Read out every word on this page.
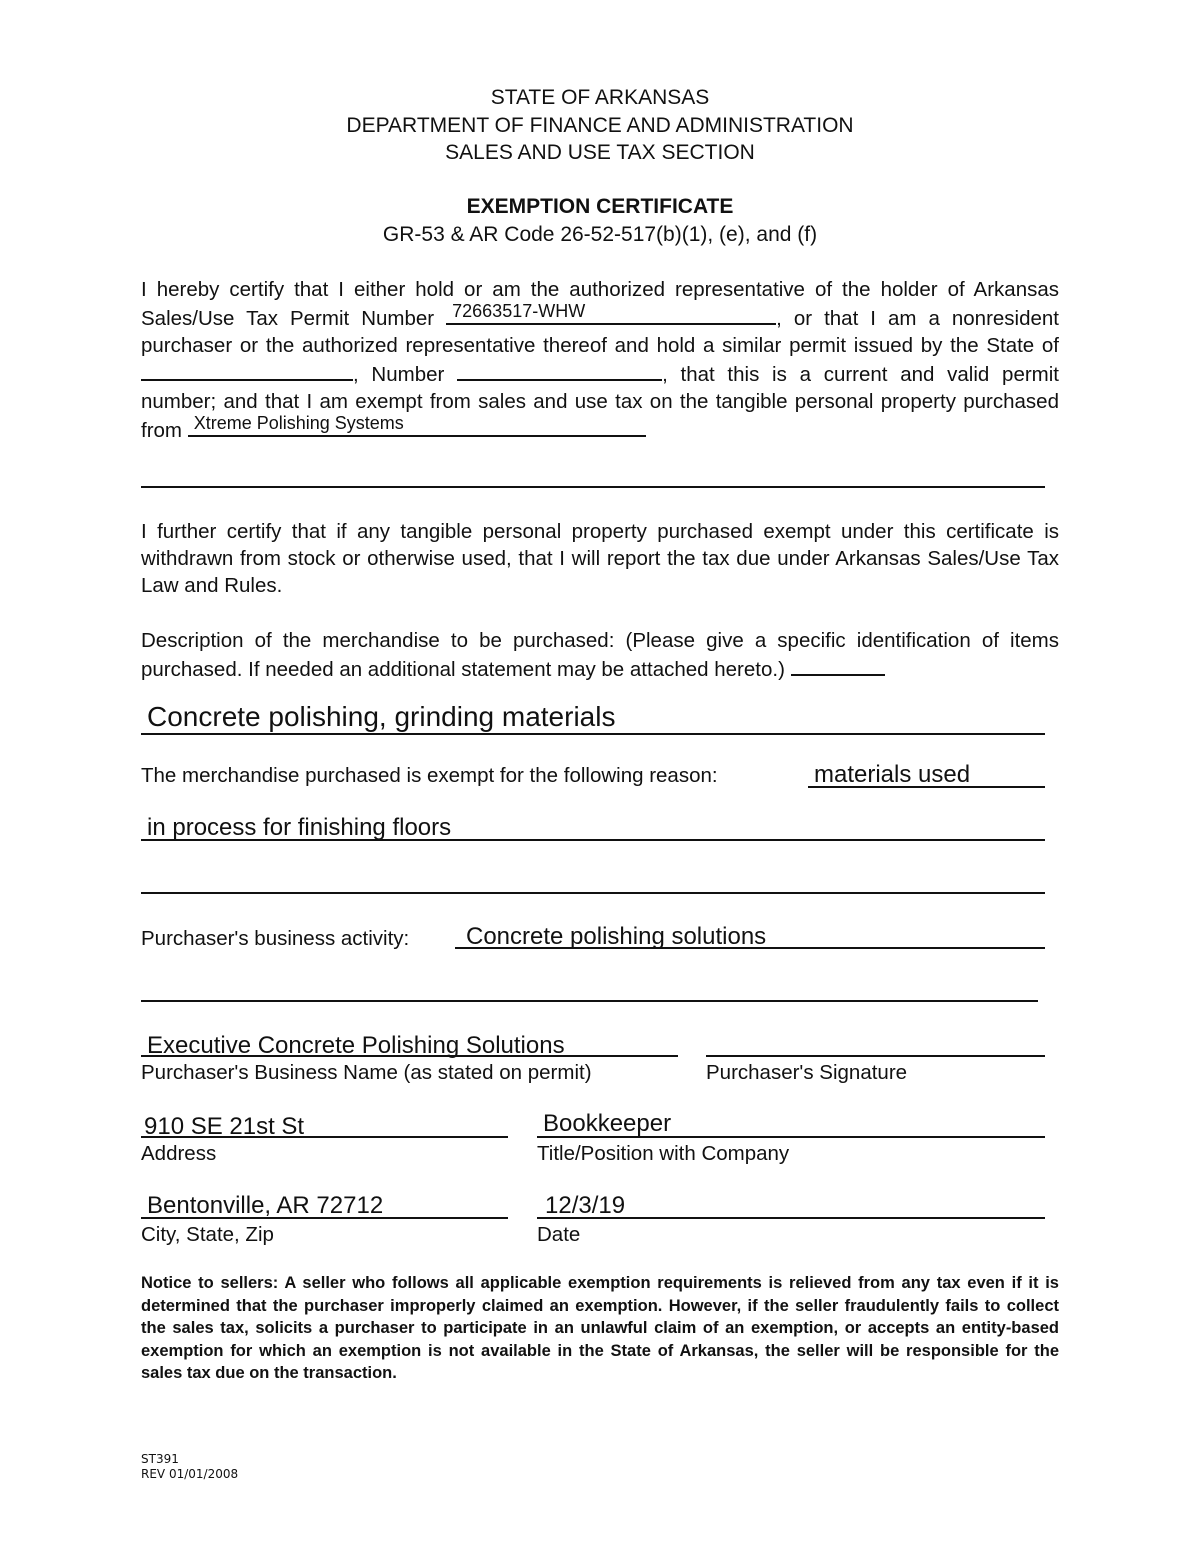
STATE OF ARKANSAS
DEPARTMENT OF FINANCE AND ADMINISTRATION
SALES AND USE TAX SECTION
EXEMPTION CERTIFICATE
GR-53 & AR Code 26-52-517(b)(1), (e), and (f)
I hereby certify that I either hold or am the authorized representative of the holder of Arkansas Sales/Use Tax Permit Number 72663517-WHW	, or that I am a nonresident purchaser or the authorized representative thereof and hold a similar permit issued by the State of
, Number	, that this is a current and valid permit number; and that I am exempt from sales and use tax on the tangible personal property purchased from Xtreme Polishing Systems
I further certify that if any tangible personal property purchased exempt under this certificate is withdrawn from stock or otherwise used, that I will report the tax due under Arkansas Sales/Use Tax Law and Rules.
Description of the merchandise to be purchased: (Please give a specific identification of items purchased. If needed an additional statement may be attached hereto.)
Concrete polishing, grinding materials
The merchandise purchased is exempt for the following reason:	materials used
in process for finishing floors
Purchaser's business activity: Concrete polishing solutions
Executive Concrete Polishing Solutions
Purchaser's Business Name (as stated on permit)	Purchaser's Signature
910 SE 21st St	Bookkeeper
Address	Title/Position with Company
Bentonville, AR 72712	12/3/19
City, State, Zip	Date
Notice to sellers: A seller who follows all applicable exemption requirements is relieved from any tax even if it is determined that the purchaser improperly claimed an exemption. However, if the seller fraudulently fails to collect the sales tax, solicits a purchaser to participate in an unlawful claim of an exemption, or accepts an entity-based exemption for which an exemption is not available in the State of Arkansas, the seller will be responsible for the sales tax due on the transaction.
ST391
REV 01/01/2008
